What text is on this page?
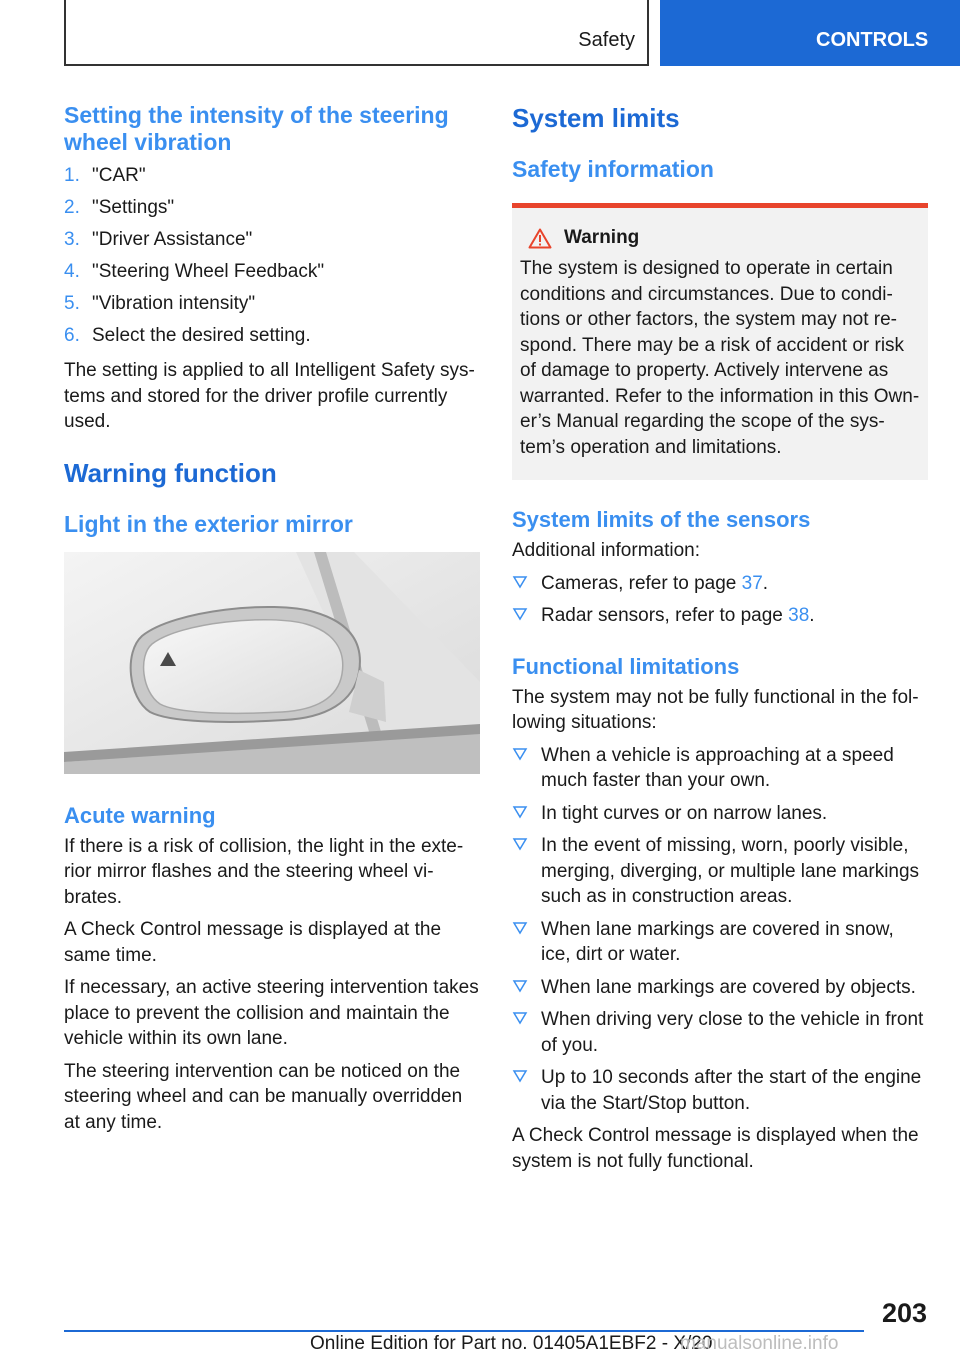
Safety	CONTROLS
Setting the intensity of the steering wheel vibration
1. "CAR"
2. "Settings"
3. "Driver Assistance"
4. "Steering Wheel Feedback"
5. "Vibration intensity"
6. Select the desired setting.

The setting is applied to all Intelligent Safety systems and stored for the driver profile currently used.

Warning function
Light in the exterior mirror
Acute warning

If there is a risk of collision, the light in the exterior mirror flashes and the steering wheel vibrates.

A Check Control message is displayed at the same time.

If necessary, an active steering intervention takes place to prevent the collision and maintain the vehicle within its own lane.

The steering intervention can be noticed on the steering wheel and can be manually overridden at any time.

System limits
Safety information
Warning

The system is designed to operate in certain conditions and circumstances. Due to conditions or other factors, the system may not respond. There may be a risk of accident or risk of damage to property. Actively intervene as warranted. Refer to the information in this Owner’s Manual regarding the scope of the system’s operation and limitations.

System limits of the sensors

Additional information:

Cameras, refer to page 37.
Radar sensors, refer to page 38.
Functional limitations

The system may not be fully functional in the following situations:

When a vehicle is approaching at a speed much faster than your own.
In tight curves or on narrow lanes.
In the event of missing, worn, poorly visible, merging, diverging, or multiple lane markings such as in construction areas.
When lane markings are covered in snow, ice, dirt or water.
When lane markings are covered by objects.
When driving very close to the vehicle in front of you.
Up to 10 seconds after the start of the engine via the Start/Stop button.

A Check Control message is displayed when the system is not fully functional.

203
Online Edition for Part no. 01405A1EBF2 - X/20
manualsonline.info
